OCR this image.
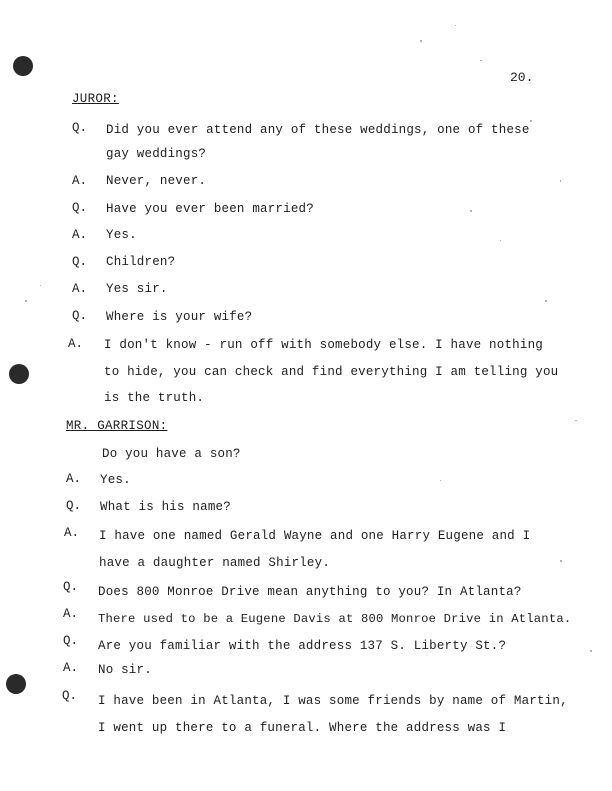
20.
JUROR:
Q. Did you ever attend any of these weddings, one of these
gay weddings?
A. Never, never.
Q. Have you ever been married?
A. Yes.
Q. Children?
A. Yes sir.
Q. Where is your wife?
A. I don't know - run off with somebody else. I have nothing
to hide, you can check and find everything I am telling you
is the truth.
MR. GARRISON:
Do you have a son?
A. Yes.
Q. What is his name?
A. I have one named Gerald Wayne and one Harry Eugene and I
have a daughter named Shirley.
Q. Does 800 Monroe Drive mean anything to you? In Atlanta?
A. There used to be a Eugene Davis at 800 Monroe Drive in Atlanta.
Q. Are you familiar with the address 137 S. Liberty St.?
A. No sir.
Q. I have been in Atlanta, I was some friends by name of Martin,
I went up there to a funeral. Where the address was I
